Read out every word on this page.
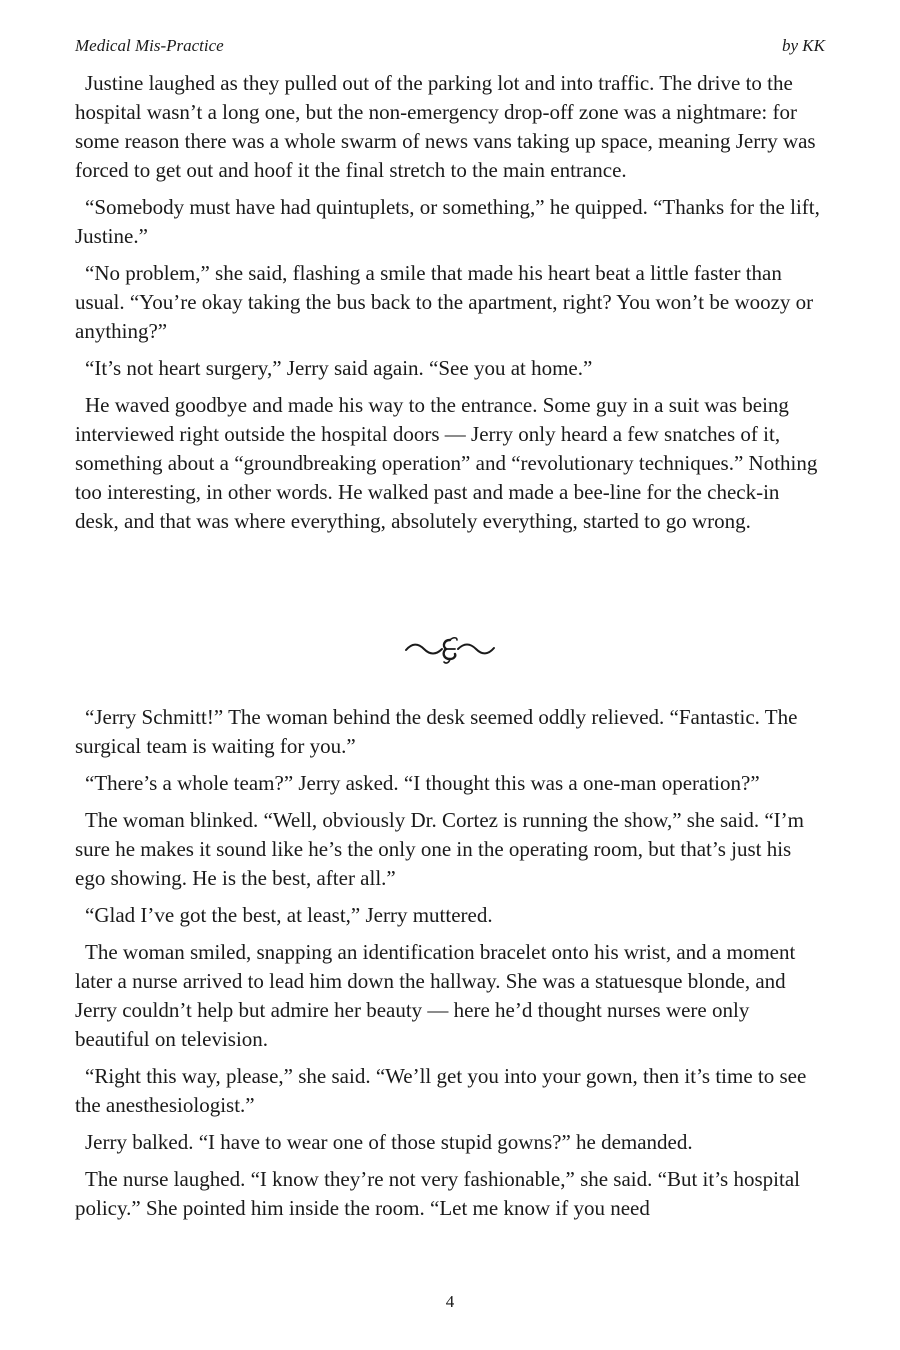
Medical Mis-Practice	by KK

Justine laughed as they pulled out of the parking lot and into traffic. The drive to the hospital wasn’t a long one, but the non-emergency drop-off zone was a nightmare: for some reason there was a whole swarm of news vans taking up space, meaning Jerry was forced to get out and hoof it the final stretch to the main entrance.

“Somebody must have had quintuplets, or something,” he quipped. “Thanks for the lift, Justine.”

“No problem,” she said, flashing a smile that made his heart beat a little faster than usual. “You’re okay taking the bus back to the apartment, right? You won’t be woozy or anything?”

“It’s not heart surgery,” Jerry said again. “See you at home.”

He waved goodbye and made his way to the entrance. Some guy in a suit was being interviewed right outside the hospital doors — Jerry only heard a few snatches of it, something about a “groundbreaking operation” and “revolutionary techniques.” Nothing too interesting, in other words. He walked past and made a bee-line for the check-in desk, and that was where everything, absolutely everything, started to go wrong.

“Jerry Schmitt!” The woman behind the desk seemed oddly relieved. “Fantastic. The surgical team is waiting for you.”

“There’s a whole team?” Jerry asked. “I thought this was a one-man operation?”

The woman blinked. “Well, obviously Dr. Cortez is running the show,” she said. “I’m sure he makes it sound like he’s the only one in the operating room, but that’s just his ego showing. He is the best, after all.”

“Glad I’ve got the best, at least,” Jerry muttered.

The woman smiled, snapping an identification bracelet onto his wrist, and a moment later a nurse arrived to lead him down the hallway. She was a statuesque blonde, and Jerry couldn’t help but admire her beauty — here he’d thought nurses were only beautiful on television.

“Right this way, please,” she said. “We’ll get you into your gown, then it’s time to see the anesthesiologist.”

Jerry balked. “I have to wear one of those stupid gowns?” he demanded.

The nurse laughed. “I know they’re not very fashionable,” she said. “But it’s hospital policy.” She pointed him inside the room. “Let me know if you need

4
